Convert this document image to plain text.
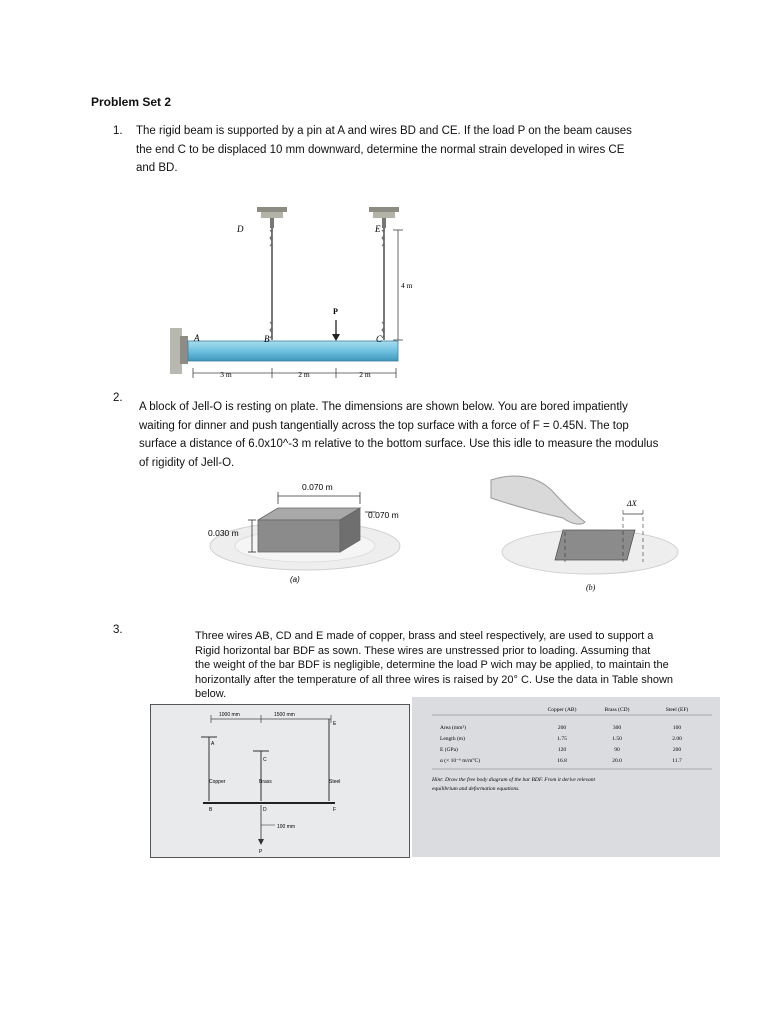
Problem Set 2
1. The rigid beam is supported by a pin at A and wires BD and CE. If the load P on the beam causes
the end C to be displaced 10 mm downward, determine the normal strain developed in wires CE
and BD.
D	E
A	B	C
P
4 m
3 m	2 m	2 m
2.
A block of Jell-O is resting on plate. The dimensions are shown below. You are bored impatiently
waiting for dinner and push tangentially across the top surface with a force of F = 0.45N. The top
surface a distance of 6.0x10^-3 m relative to the bottom surface. Use this idle to measure the modulus
of rigidity of Jell-O.
0.070 m
0.070 m
0.030 m
(a)
ΔX
(b)
3.	Three wires AB, CD and E made of copper, brass and steel respectively, are used to support a
Rigid horizontal bar BDF as sown. These wires are unstressed prior to loading. Assuming that
the weight of the bar BDF is negligible, determine the load P wich may be applied, to maintain the
horizontally after the temperature of all three wires is raised by 20° C. Use the data in Table shown
below.
1000 mm	1500 mm
A
C
E
Copper	Brass	Steel
B	D	F
100 mm
P
Copper (AB)	Brass (CD)	Steel (EF)
Area (mm²)	200	300	100
Length (m)	1.75	1.50	2.00
E (GPa)	120	90	200
α (× 10⁻⁶ m/m°C)	16.8	20.0	11.7
Hint: Draw the free body diagram of the bar BDF. From it derive relevant
equilibrium and deformation equations.
